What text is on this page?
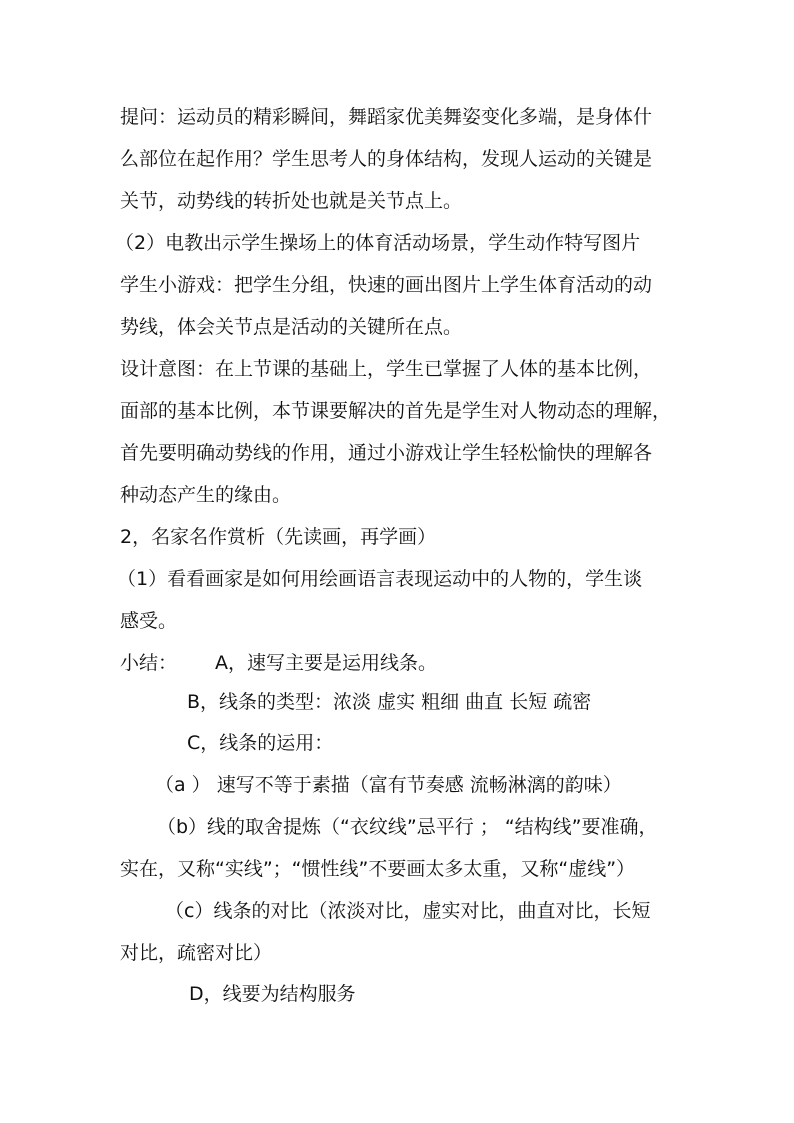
提问：运动员的精彩瞬间，舞蹈家优美舞姿变化多端，是身体什
么部位在起作用？学生思考人的身体结构，发现人运动的关键是
关节，动势线的转折处也就是关节点上。
（2）电教出示学生操场上的体育活动场景，学生动作特写图片
学生小游戏：把学生分组，快速的画出图片上学生体育活动的动
势线，体会关节点是活动的关键所在点。
设计意图：在上节课的基础上，学生已掌握了人体的基本比例，
面部的基本比例，本节课要解决的首先是学生对人物动态的理解，
首先要明确动势线的作用，通过小游戏让学生轻松愉快的理解各
种动态产生的缘由。
2，名家名作赏析（先读画，再学画）
（1）看看画家是如何用绘画语言表现运动中的人物的，学生谈
感受。
小结： A，速写主要是运用线条。
B，线条的类型：浓淡 虚实 粗细 曲直 长短 疏密
C，线条的运用：
（a ） 速写不等于素描（富有节奏感 流畅淋漓的韵味）
（b）线的取舍提炼（“衣纹线”忌平行 ； “结构线”要准确，
实在，又称“实线”；“惯性线”不要画太多太重，又称“虚线”）
（c）线条的对比（浓淡对比，虚实对比，曲直对比，长短
对比，疏密对比）
D，线要为结构服务
